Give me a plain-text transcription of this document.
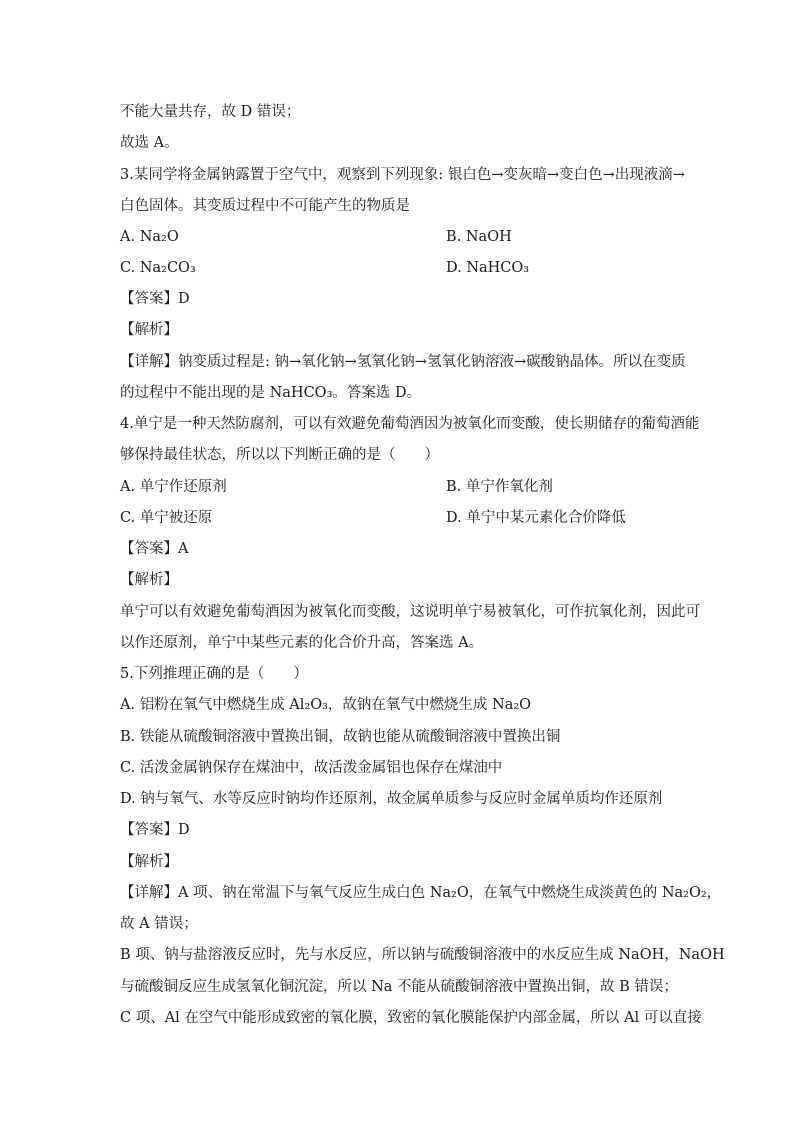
不能大量共存，故 D 错误；
故选 A。
3.某同学将金属钠露置于空气中，观察到下列现象: 银白色→变灰暗→变白色→出现液滴→
白色固体。其变质过程中不可能产生的物质是
A. Na₂O	B. NaOH
C. Na₂CO₃	D. NaHCO₃
【答案】D
【解析】
【详解】钠变质过程是: 钠→氧化钠→氢氧化钠→氢氧化钠溶液→碳酸钠晶体。所以在变质
的过程中不能出现的是 NaHCO₃。答案选 D。
4.单宁是一种天然防腐剂，可以有效避免葡萄酒因为被氧化而变酸，使长期储存的葡萄酒能
够保持最佳状态，所以以下判断正确的是（　　）
A. 单宁作还原剂	B. 单宁作氧化剂
C. 单宁被还原	D. 单宁中某元素化合价降低
【答案】A
【解析】
单宁可以有效避免葡萄酒因为被氧化而变酸，这说明单宁易被氧化，可作抗氧化剂，因此可
以作还原剂，单宁中某些元素的化合价升高，答案选 A。
5.下列推理正确的是（　　）
A. 铝粉在氧气中燃烧生成 Al₂O₃，故钠在氧气中燃烧生成 Na₂O
B. 铁能从硫酸铜溶液中置换出铜，故钠也能从硫酸铜溶液中置换出铜
C. 活泼金属钠保存在煤油中，故活泼金属铝也保存在煤油中
D. 钠与氧气、水等反应时钠均作还原剂，故金属单质参与反应时金属单质均作还原剂
【答案】D
【解析】
【详解】A 项、钠在常温下与氧气反应生成白色 Na₂O，在氧气中燃烧生成淡黄色的 Na₂O₂，
故 A 错误；
B 项、钠与盐溶液反应时，先与水反应，所以钠与硫酸铜溶液中的水反应生成 NaOH，NaOH
与硫酸铜反应生成氢氧化铜沉淀，所以 Na 不能从硫酸铜溶液中置换出铜，故 B 错误；
C 项、Al 在空气中能形成致密的氧化膜，致密的氧化膜能保护内部金属，所以 Al 可以直接
